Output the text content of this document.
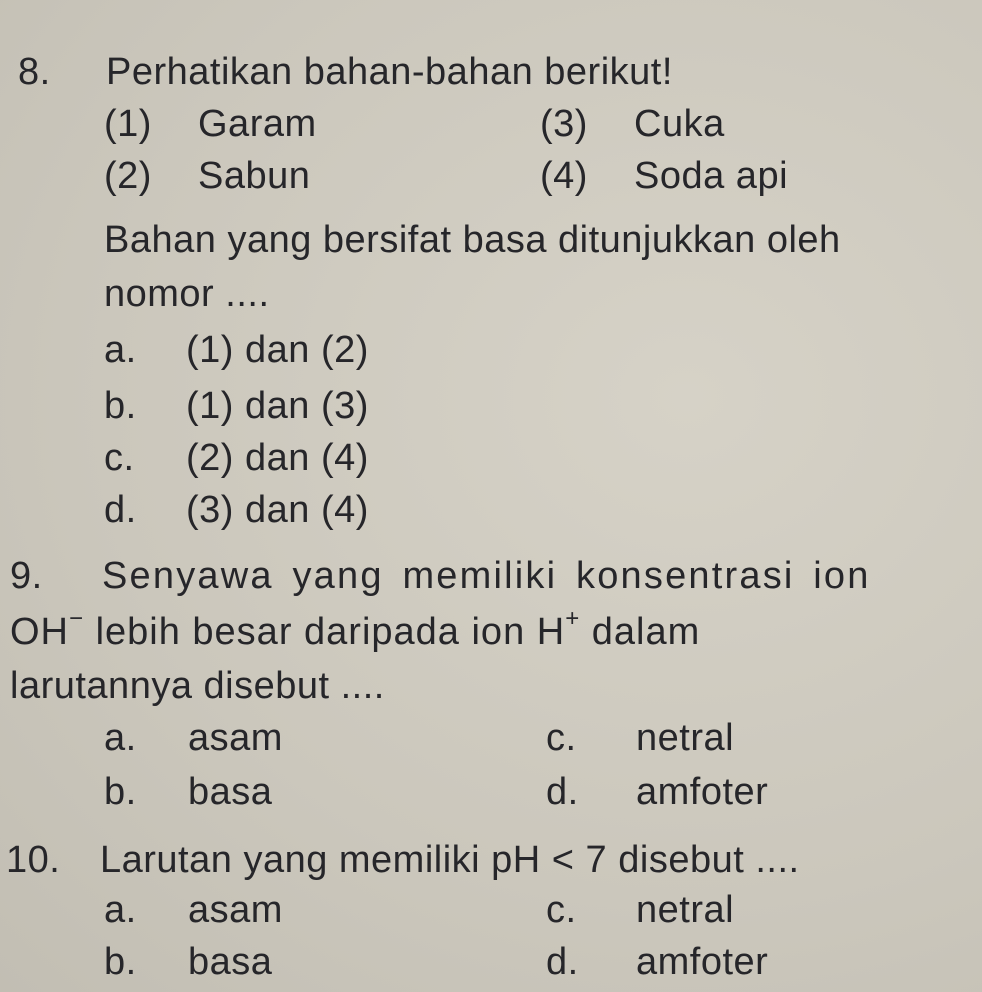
8. Perhatikan bahan-bahan berikut!
(1) Garam	(3) Cuka
(2) Sabun	(4) Soda api
Bahan yang bersifat basa ditunjukkan oleh
nomor ....
a. (1) dan (2)
b. (1) dan (3)
c. (2) dan (4)
d. (3) dan (4)
9. Senyawa yang memiliki konsentrasi ion
OH− lebih besar daripada ion H+ dalam
larutannya disebut ....
a. asam	c. netral
b. basa	d. amfoter
10. Larutan yang memiliki pH < 7 disebut ....
a. asam	c. netral
b. basa	d. amfoter
